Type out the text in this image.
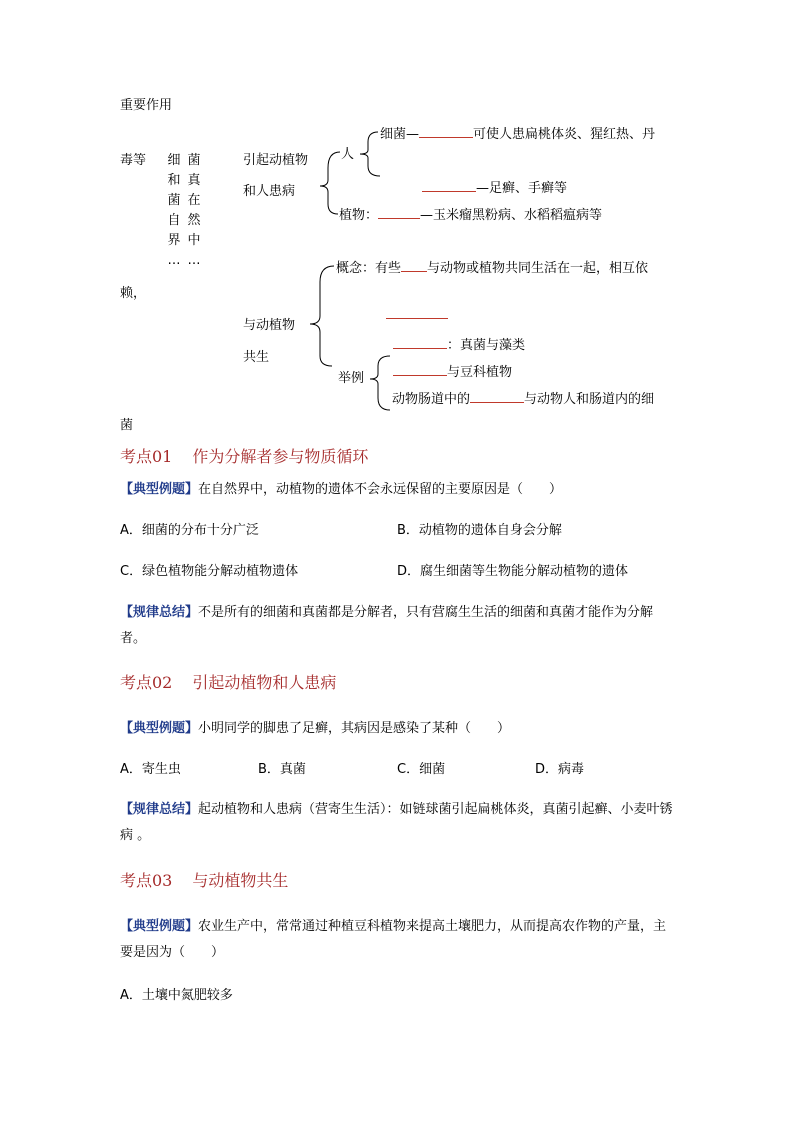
重要作用
毒等 细
和
菌
自
界
…
菌
真
在
然
中
…
引起动植物
和人患病
人
细菌—	可使人患扁桃体炎、猩红热、丹
—足癣、手癣等
植物：	—玉米瘤黑粉病、水稻稻瘟病等
概念：有些 与动物或植物共同生活在一起，相互依
赖，
与动植物
共生
：真菌与藻类
举例	与豆科植物
动物肠道中的	与动物人和肠道内的细
菌
考点01 作为分解者参与物质循环
【典型例题】在自然界中，动植物的遗体不会永远保留的主要原因是（　　）
A．细菌的分布十分广泛	B．动植物的遗体自身会分解
C．绿色植物能分解动植物遗体	D．腐生细菌等生物能分解动植物的遗体
【规律总结】不是所有的细菌和真菌都是分解者，只有营腐生生活的细菌和真菌才能作为分解者。
考点02 引起动植物和人患病
【典型例题】小明同学的脚患了足癣，其病因是感染了某种（　　）
A．寄生虫	B．真菌	C．细菌	D．病毒
【规律总结】起动植物和人患病（营寄生生活）：如链球菌引起扁桃体炎，真菌引起癣、小麦叶锈病 。
考点03 与动植物共生
【典型例题】农业生产中，常常通过种植豆科植物来提高土壤肥力，从而提高农作物的产量，主要是因为（　　）
A．土壤中氮肥较多
